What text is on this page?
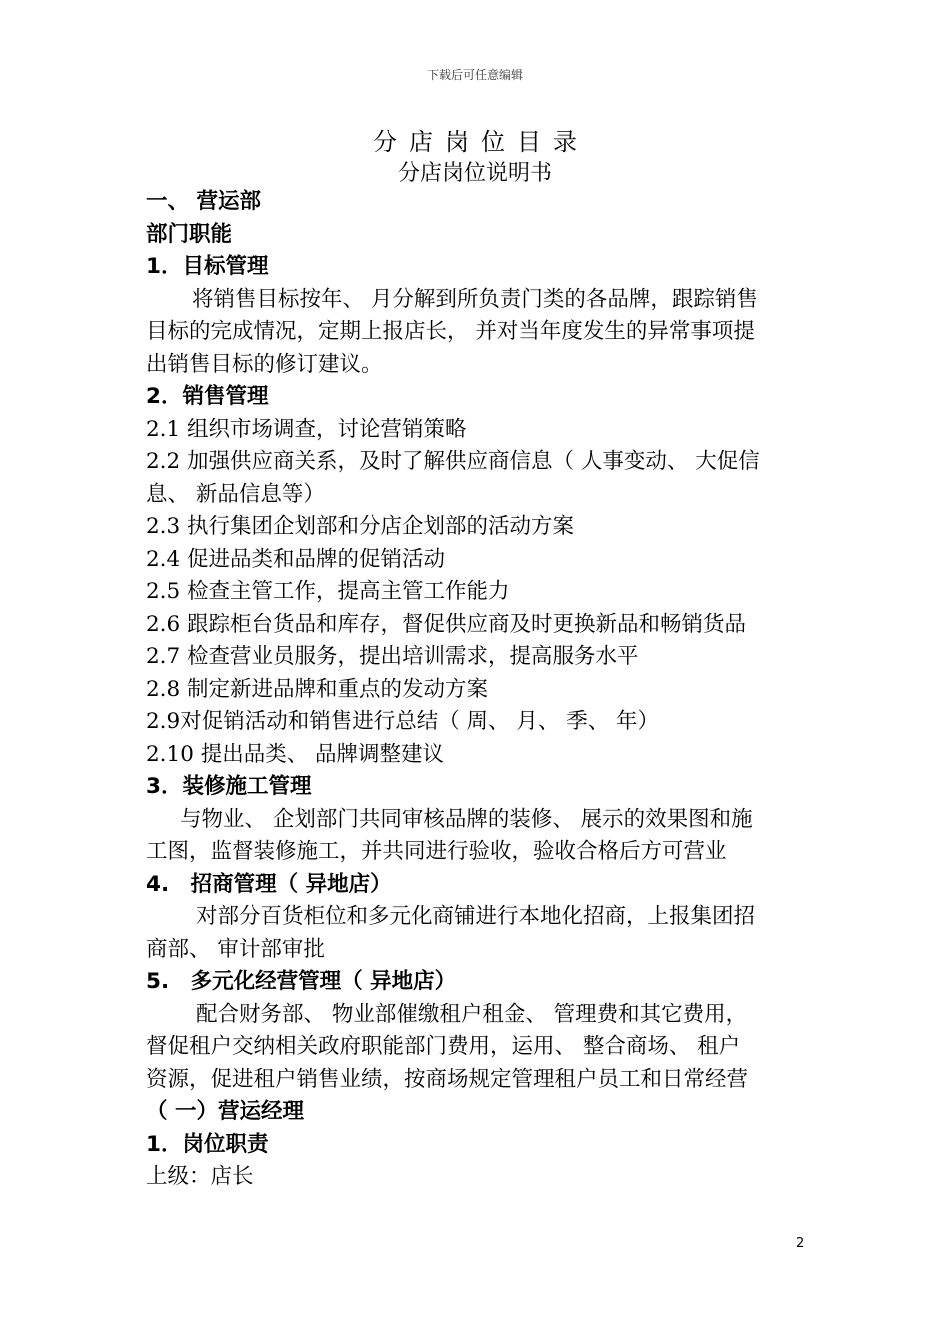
下载后可任意编辑
分店岗位目录
分店岗位说明书
一、 营运部
部门职能
1．目标管理
将销售目标按年、 月分解到所负责门类的各品牌，跟踪销售
目标的完成情况，定期上报店长， 并对当年度发生的异常事项提
出销售目标的修订建议。
2．销售管理
2.1 组织市场调查，讨论营销策略
2.2 加强供应商关系，及时了解供应商信息（ 人事变动、 大促信
息、 新品信息等）
2.3 执行集团企划部和分店企划部的活动方案
2.4 促进品类和品牌的促销活动
2.5 检查主管工作，提高主管工作能力
2.6 跟踪柜台货品和库存，督促供应商及时更换新品和畅销货品
2.7 检查营业员服务，提出培训需求，提高服务水平
2.8 制定新进品牌和重点的发动方案
2.9对促销活动和销售进行总结（ 周、 月、 季、 年）
2.10 提出品类、 品牌调整建议
3．装修施工管理
与物业、 企划部门共同审核品牌的装修、 展示的效果图和施
工图，监督装修施工，并共同进行验收，验收合格后方可营业
4.　招商管理（ 异地店）
对部分百货柜位和多元化商铺进行本地化招商，上报集团招
商部、 审计部审批
5.　多元化经营管理（ 异地店）
配合财务部、 物业部催缴租户租金、 管理费和其它费用，
督促租户交纳相关政府职能部门费用，运用、 整合商场、 租户
资源，促进租户销售业绩，按商场规定管理租户员工和日常经营
（ 一）营运经理
1．岗位职责
上级：店长
2
